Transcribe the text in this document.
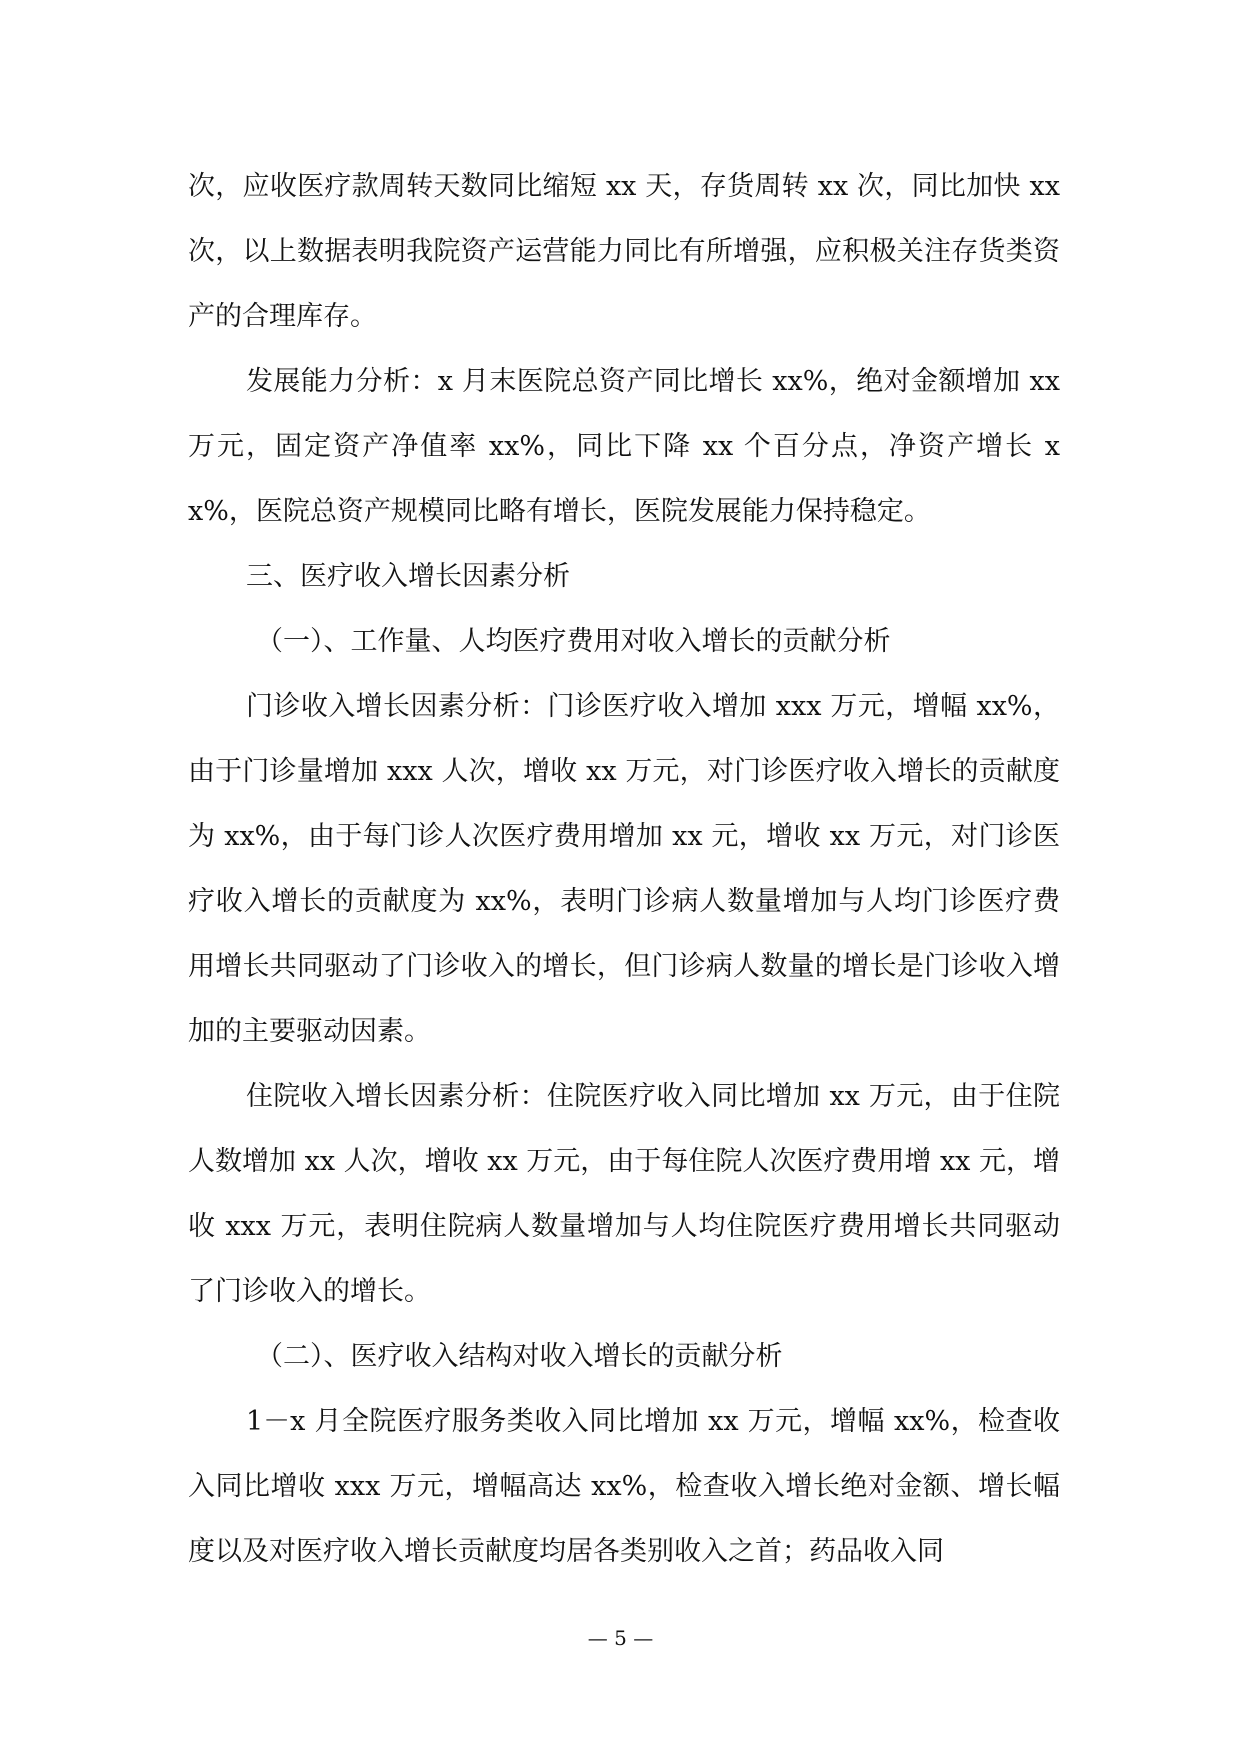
次，应收医疗款周转天数同比缩短 xx 天，存货周转 xx 次，同比加快 xx 次，以上数据表明我院资产运营能力同比有所增强，应积极关注存货类资产的合理库存。

发展能力分析：x 月末医院总资产同比增长 xx%，绝对金额增加 xx 万元，固定资产净值率 xx%，同比下降 xx 个百分点，净资产增长 xx%，医院总资产规模同比略有增长，医院发展能力保持稳定。

三、医疗收入增长因素分析

（一）、工作量、人均医疗费用对收入增长的贡献分析

门诊收入增长因素分析：门诊医疗收入增加 xxx 万元，增幅 xx%，由于门诊量增加 xxx 人次，增收 xx 万元，对门诊医疗收入增长的贡献度为 xx%，由于每门诊人次医疗费用增加 xx 元，增收 xx 万元，对门诊医疗收入增长的贡献度为 xx%，表明门诊病人数量增加与人均门诊医疗费用增长共同驱动了门诊收入的增长，但门诊病人数量的增长是门诊收入增加的主要驱动因素。

住院收入增长因素分析：住院医疗收入同比增加 xx 万元，由于住院人数增加 xx 人次，增收 xx 万元，由于每住院人次医疗费用增 xx 元，增收 xxx 万元，表明住院病人数量增加与人均住院医疗费用增长共同驱动了门诊收入的增长。

（二）、医疗收入结构对收入增长的贡献分析

1－x 月全院医疗服务类收入同比增加 xx 万元，增幅 xx%，检查收入同比增收 xxx 万元，增幅高达 xx%，检查收入增长绝对金额、增长幅度以及对医疗收入增长贡献度均居各类别收入之首；药品收入同

— 5 —
